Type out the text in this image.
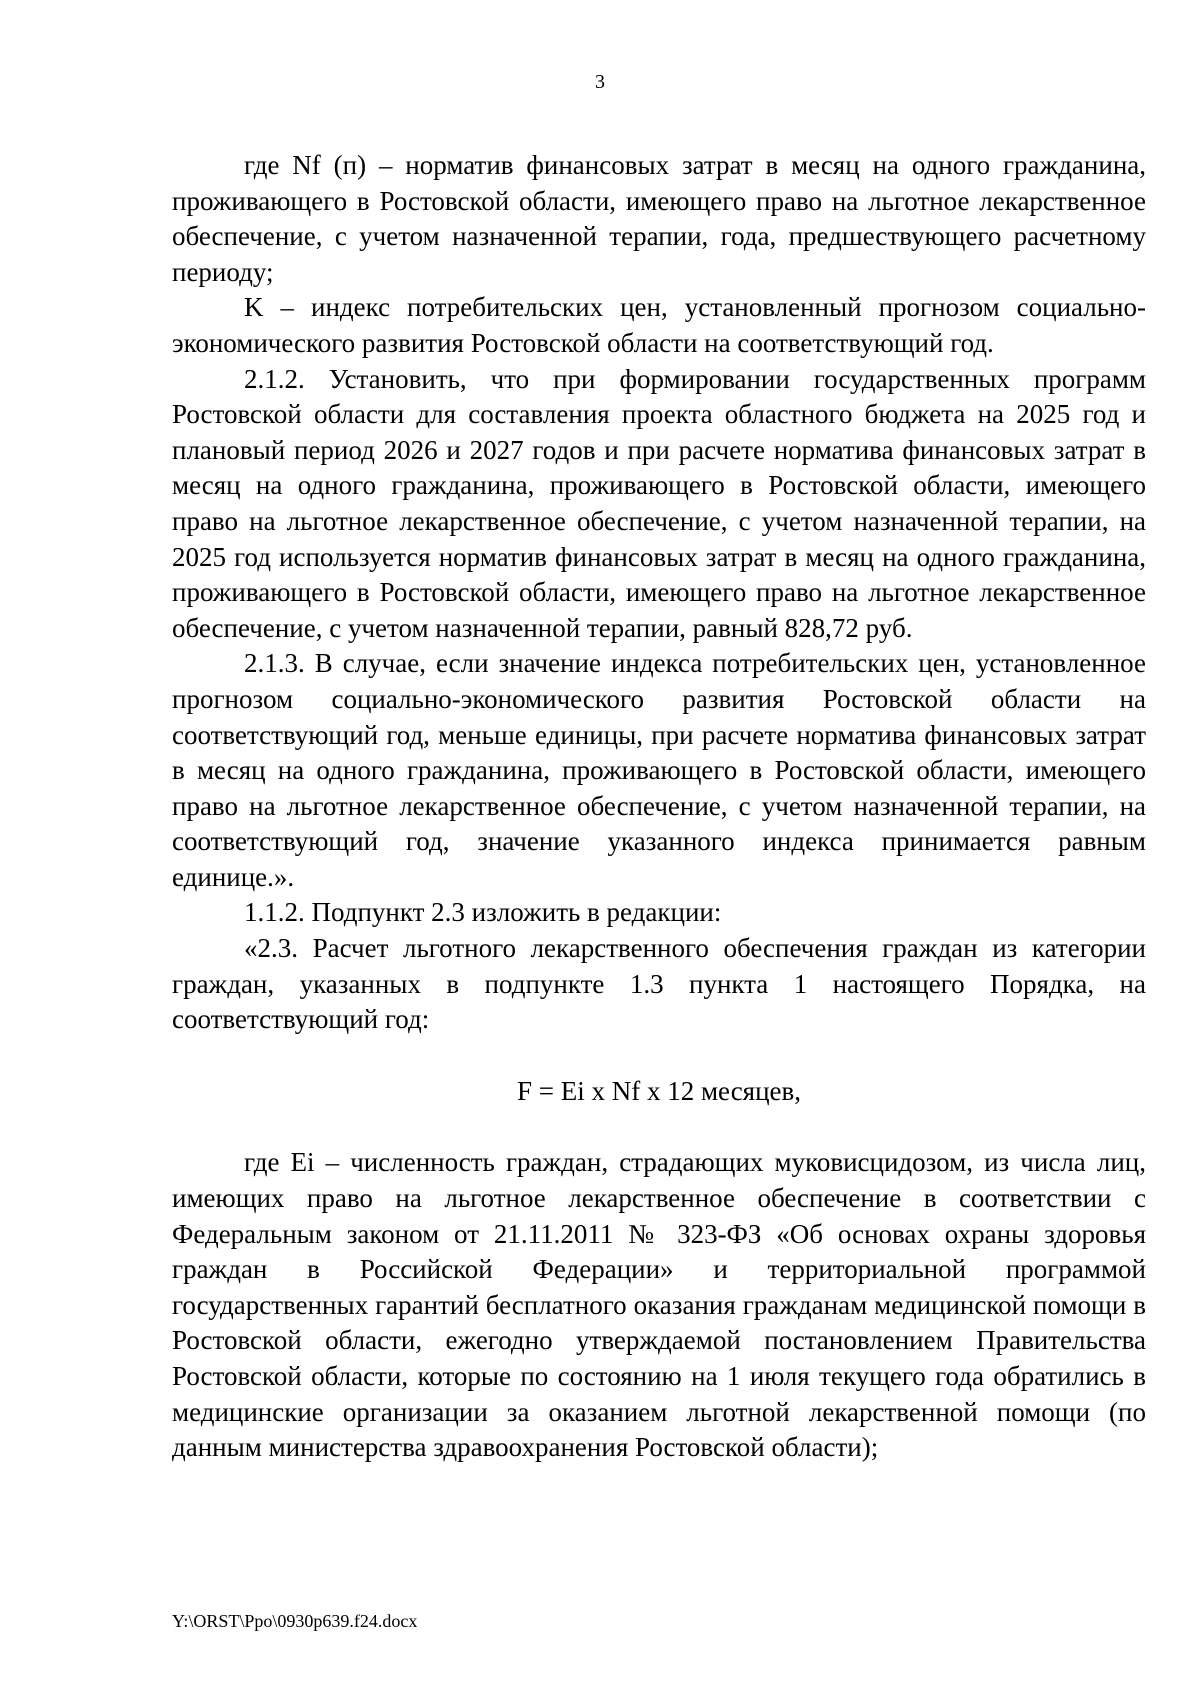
3

где Nf (п) – норматив финансовых затрат в месяц на одного гражданина, проживающего в Ростовской области, имеющего право на льготное лекарственное обеспечение, с учетом назначенной терапии, года, предшествующего расчетному периоду;

K – индекс потребительских цен, установленный прогнозом социально-экономического развития Ростовской области на соответствующий год.

2.1.2. Установить, что при формировании государственных программ Ростовской области для составления проекта областного бюджета на 2025 год и плановый период 2026 и 2027 годов и при расчете норматива финансовых затрат в месяц на одного гражданина, проживающего в Ростовской области, имеющего право на льготное лекарственное обеспечение, с учетом назначенной терапии, на 2025 год используется норматив финансовых затрат в месяц на одного гражданина, проживающего в Ростовской области, имеющего право на льготное лекарственное обеспечение, с учетом назначенной терапии, равный 828,72 руб.

2.1.3. В случае, если значение индекса потребительских цен, установленное прогнозом социально-экономического развития Ростовской области на соответствующий год, меньше единицы, при расчете норматива финансовых затрат в месяц на одного гражданина, проживающего в Ростовской области, имеющего право на льготное лекарственное обеспечение, с учетом назначенной терапии, на соответствующий год, значение указанного индекса принимается равным единице.».

1.1.2. Подпункт 2.3 изложить в редакции:

«2.3. Расчет льготного лекарственного обеспечения граждан из категории граждан, указанных в подпункте 1.3 пункта 1 настоящего Порядка, на соответствующий год:

F = Ei x Nf x 12 месяцев,

где Ei – численность граждан, страдающих муковисцидозом, из числа лиц, имеющих право на льготное лекарственное обеспечение в соответствии с Федеральным законом от 21.11.2011 № 323-ФЗ «Об основах охраны здоровья граждан в Российской Федерации» и территориальной программой государственных гарантий бесплатного оказания гражданам медицинской помощи в Ростовской области, ежегодно утверждаемой постановлением Правительства Ростовской области, которые по состоянию на 1 июля текущего года обратились в медицинские организации за оказанием льготной лекарственной помощи (по данным министерства здравоохранения Ростовской области);

Y:\ORST\Ppo\0930p639.f24.docx
